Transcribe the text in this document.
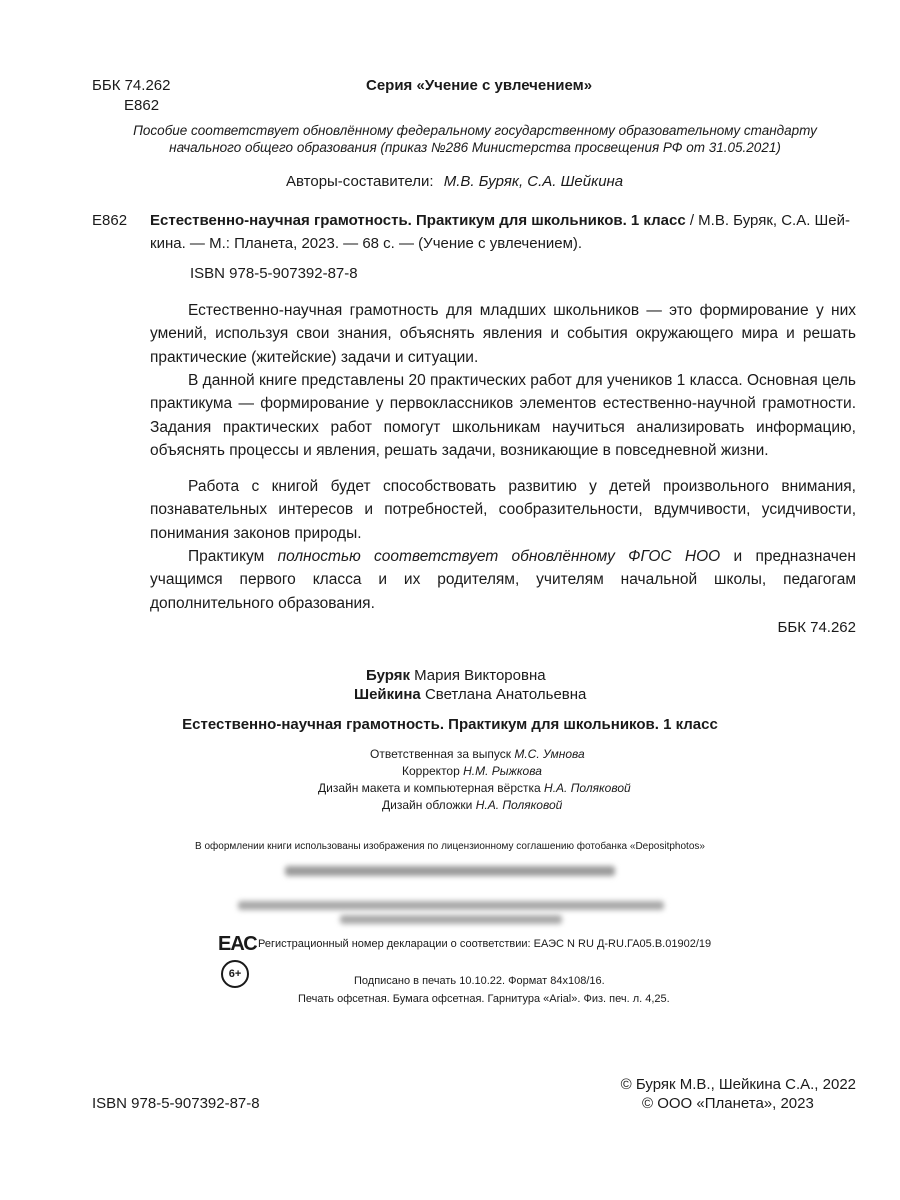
ББК 74.262
Е862
Серия «Учение с увлечением»
Пособие соответствует обновлённому федеральному государственному образовательному стандарту
начального общего образования (приказ №286 Министерства просвещения РФ от 31.05.2021)
Авторы-составители: М.В. Буряк, С.А. Шейкина
Е862 Естественно-научная грамотность. Практикум для школьников. 1 класс / М.В. Буряк, С.А. Шей-
кина. — М.: Планета, 2023. — 68 с. — (Учение с увлечением).
ISBN 978-5-907392-87-8

Естественно-научная грамотность для младших школьников — это формирование у них умений, используя свои знания, объяснять явления и события окружающего мира и решать практические (житейские) задачи и ситуации.

В данной книге представлены 20 практических работ для учеников 1 класса. Основная цель практикума — формирование у первоклассников элементов естественно-научной грамотности. Задания практических работ помогут школьникам научиться анализировать информацию, объяснять процессы и явления, решать задачи, возникающие в повседневной жизни.

Работа с книгой будет способствовать развитию у детей произвольного внимания, познавательных интересов и потребностей, сообразительности, вдумчивости, усидчивости, понимания законов природы.

Практикум полностью соответствует обновлённому ФГОС НОО и предназначен учащимся первого класса и их родителям, учителям начальной школы, педагогам дополнительного образования.

ББК 74.262
Буряк Мария Викторовна
Шейкина Светлана Анатольевна
Естественно-научная грамотность. Практикум для школьников. 1 класс
Ответственная за выпуск М.С. Умнова
Корректор Н.М. Рыжкова
Дизайн макета и компьютерная вёрстка Н.А. Поляковой
Дизайн обложки Н.А. Поляковой
В оформлении книги использованы изображения по лицензионному соглашению фотобанка «Depositphotos»
ЕАС Регистрационный номер декларации о соответствии: ЕАЭС N RU Д-RU.ГА05.В.01902/19
6+
Подписано в печать 10.10.22. Формат 84х108/16.
Печать офсетная. Бумага офсетная. Гарнитура «Arial». Физ. печ. л. 4,25.
ISBN 978-5-907392-87-8
© Буряк М.В., Шейкина С.А., 2022
© ООО «Планета», 2023
